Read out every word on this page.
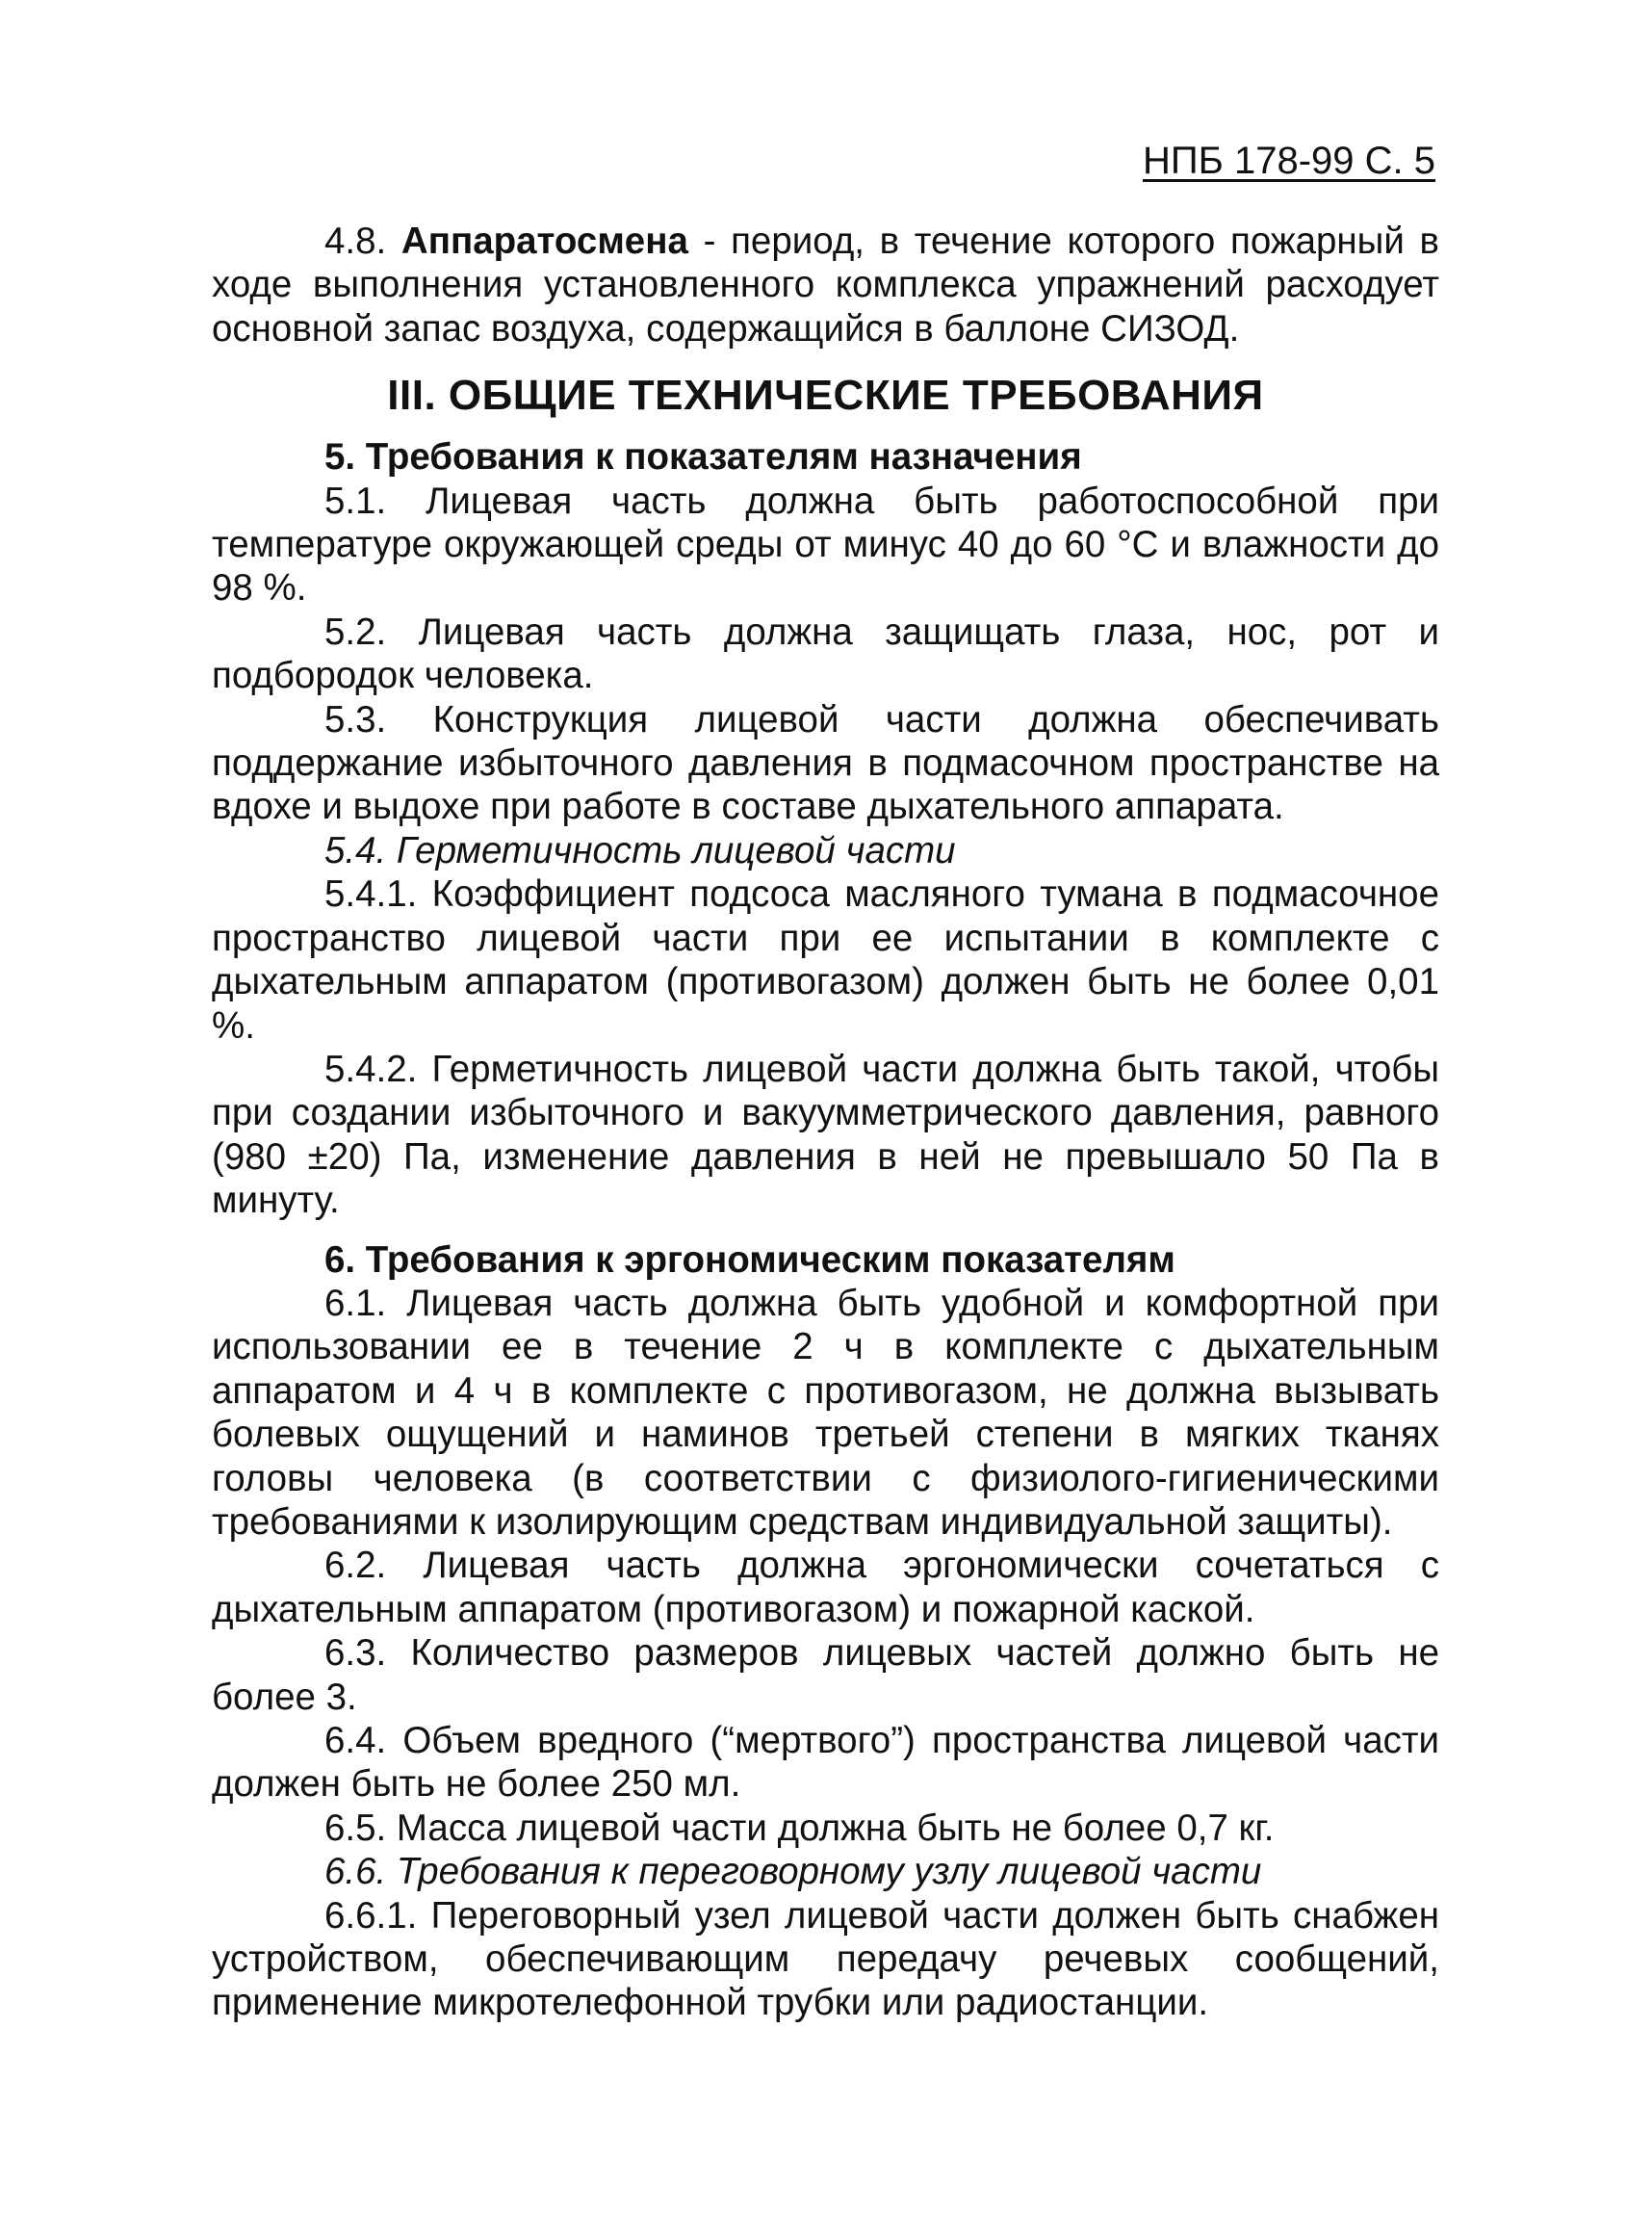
НПБ 178-99 С. 5

4.8. Аппаратосмена - период, в течение которого пожарный в ходе выполнения установленного комплекса упражнений расходует основной запас воздуха, содержащийся в баллоне СИЗОД.

III. ОБЩИЕ ТЕХНИЧЕСКИЕ ТРЕБОВАНИЯ

5. Требования к показателям назначения

5.1. Лицевая часть должна быть работоспособной при температуре окружающей среды от минус 40 до 60 °С и влажности до 98 %.

5.2. Лицевая часть должна защищать глаза, нос, рот и подбородок человека.

5.3. Конструкция лицевой части должна обеспечивать поддержание избыточного давления в подмасочном пространстве на вдохе и выдохе при работе в составе дыхательного аппарата.

5.4. Герметичность лицевой части

5.4.1. Коэффициент подсоса масляного тумана в подмасочное пространство лицевой части при ее испытании в комплекте с дыхательным аппаратом (противогазом) должен быть не более 0,01 %.

5.4.2. Герметичность лицевой части должна быть такой, чтобы при создании избыточного и вакуумметрического давления, равного (980 ±20) Па, изменение давления в ней не превышало 50 Па в минуту.

6. Требования к эргономическим показателям

6.1. Лицевая часть должна быть удобной и комфортной при использовании ее в течение 2 ч в комплекте с дыхательным аппаратом и 4 ч в комплекте с противогазом, не должна вызывать болевых ощущений и наминов третьей степени в мягких тканях головы человека (в соответствии с физиолого-гигиеническими требованиями к изолирующим средствам индивидуальной защиты).

6.2. Лицевая часть должна эргономически сочетаться с дыхательным аппаратом (противогазом) и пожарной каской.

6.3. Количество размеров лицевых частей должно быть не более 3.

6.4. Объем вредного (“мертвого”) пространства лицевой части должен быть не более 250 мл.

6.5. Масса лицевой части должна быть не более 0,7 кг.

6.6. Требования к переговорному узлу лицевой части

6.6.1. Переговорный узел лицевой части должен быть снабжен устройством, обеспечивающим передачу речевых сообщений, применение микротелефонной трубки или радиостанции.
